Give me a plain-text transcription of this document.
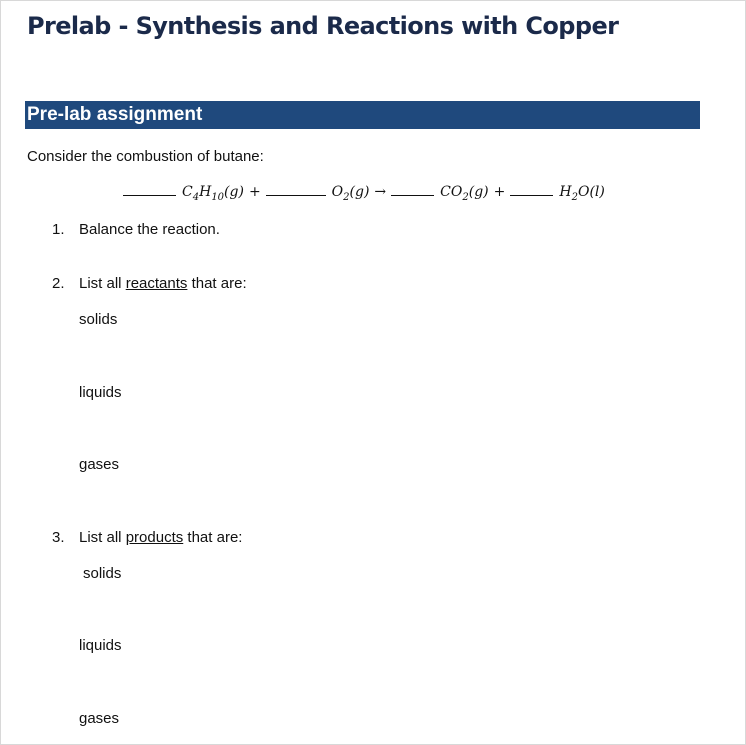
Prelab - Synthesis and Reactions with Copper
Pre-lab assignment
Consider the combustion of butane:
$C_4H_{10}(g)$ +	$O_2(g)$ →	$CO_2(g)$ +	$H_2O(l)$
1. Balance the reaction.
2. List all reactants that are:
solids
liquids
gases
3. List all products that are:
solids
liquids
gases
